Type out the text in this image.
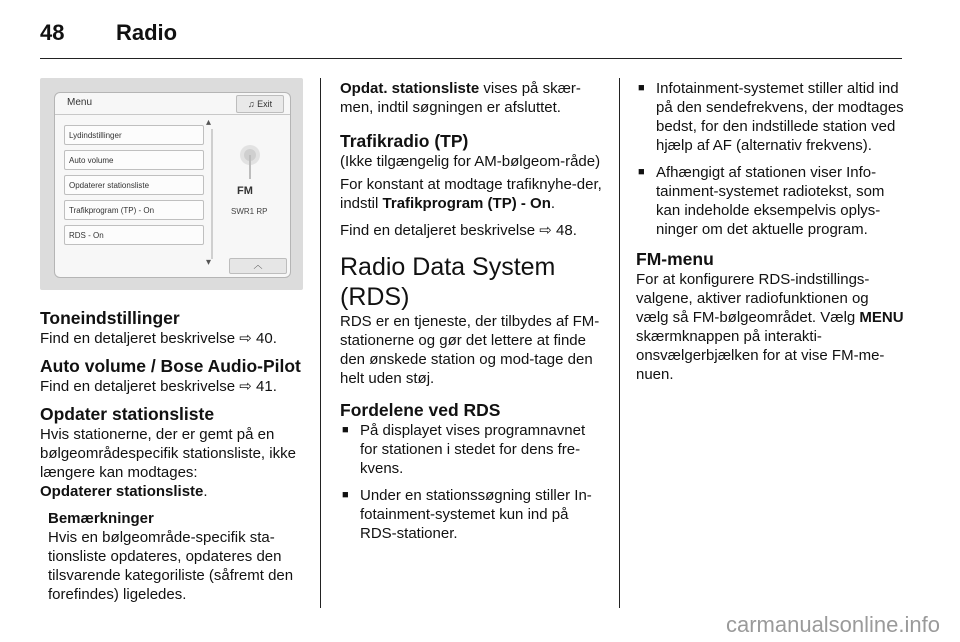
48 Radio
Menu	♫ Exit
Lydindstillinger
Auto volume
Opdaterer stationsliste
Trafikprogram (TP) - On
RDS - On
▴
▾
FM
SWR1 RP
︿
Toneindstillinger

Find en detaljeret beskrivelse ⇨ 40.

Auto volume / Bose Audio-Pilot

Find en detaljeret beskrivelse ⇨ 41.

Opdater stationsliste

Hvis stationerne, der er gemt på en bølgeområdespecifik stationsliste, ikke længere kan modtages:
Opdaterer stationsliste.

Bemærkninger
Hvis en bølgeområde-specifik sta-tionsliste opdateres, opdateres den tilsvarende kategoriliste (såfremt den forefindes) ligeledes.

Opdat. stationsliste vises på skær-men, indtil søgningen er afsluttet.

Trafikradio (TP)

(Ikke tilgængelig for AM-bølgeom-råde)

For konstant at modtage trafiknyhe-der, indstil Trafikprogram (TP) - On.

Find en detaljeret beskrivelse ⇨ 48.

Radio Data System (RDS)

RDS er en tjeneste, der tilbydes af FM-stationerne og gør det lettere at finde den ønskede station og mod-tage den helt uden støj.

Fordelene ved RDS
■ På displayet vises programnavnet for stationen i stedet for dens fre-kvens.
■ Under en stationssøgning stiller In-fotainment-systemet kun ind på RDS-stationer.
■ Infotainment-systemet stiller altid ind på den sendefrekvens, der modtages bedst, for den indstillede station ved hjælp af AF (alternativ frekvens).
■ Afhængigt af stationen viser Info-tainment-systemet radiotekst, som kan indeholde eksempelvis oplys-ninger om det aktuelle program.
FM-menu

For at konfigurere RDS-indstillings-valgene, aktiver radiofunktionen og vælg så FM-bølgeområdet. Vælg MENU skærmknappen på interakti-onsvælgerbjælken for at vise FM-me-nuen.

carmanualsonline.info
